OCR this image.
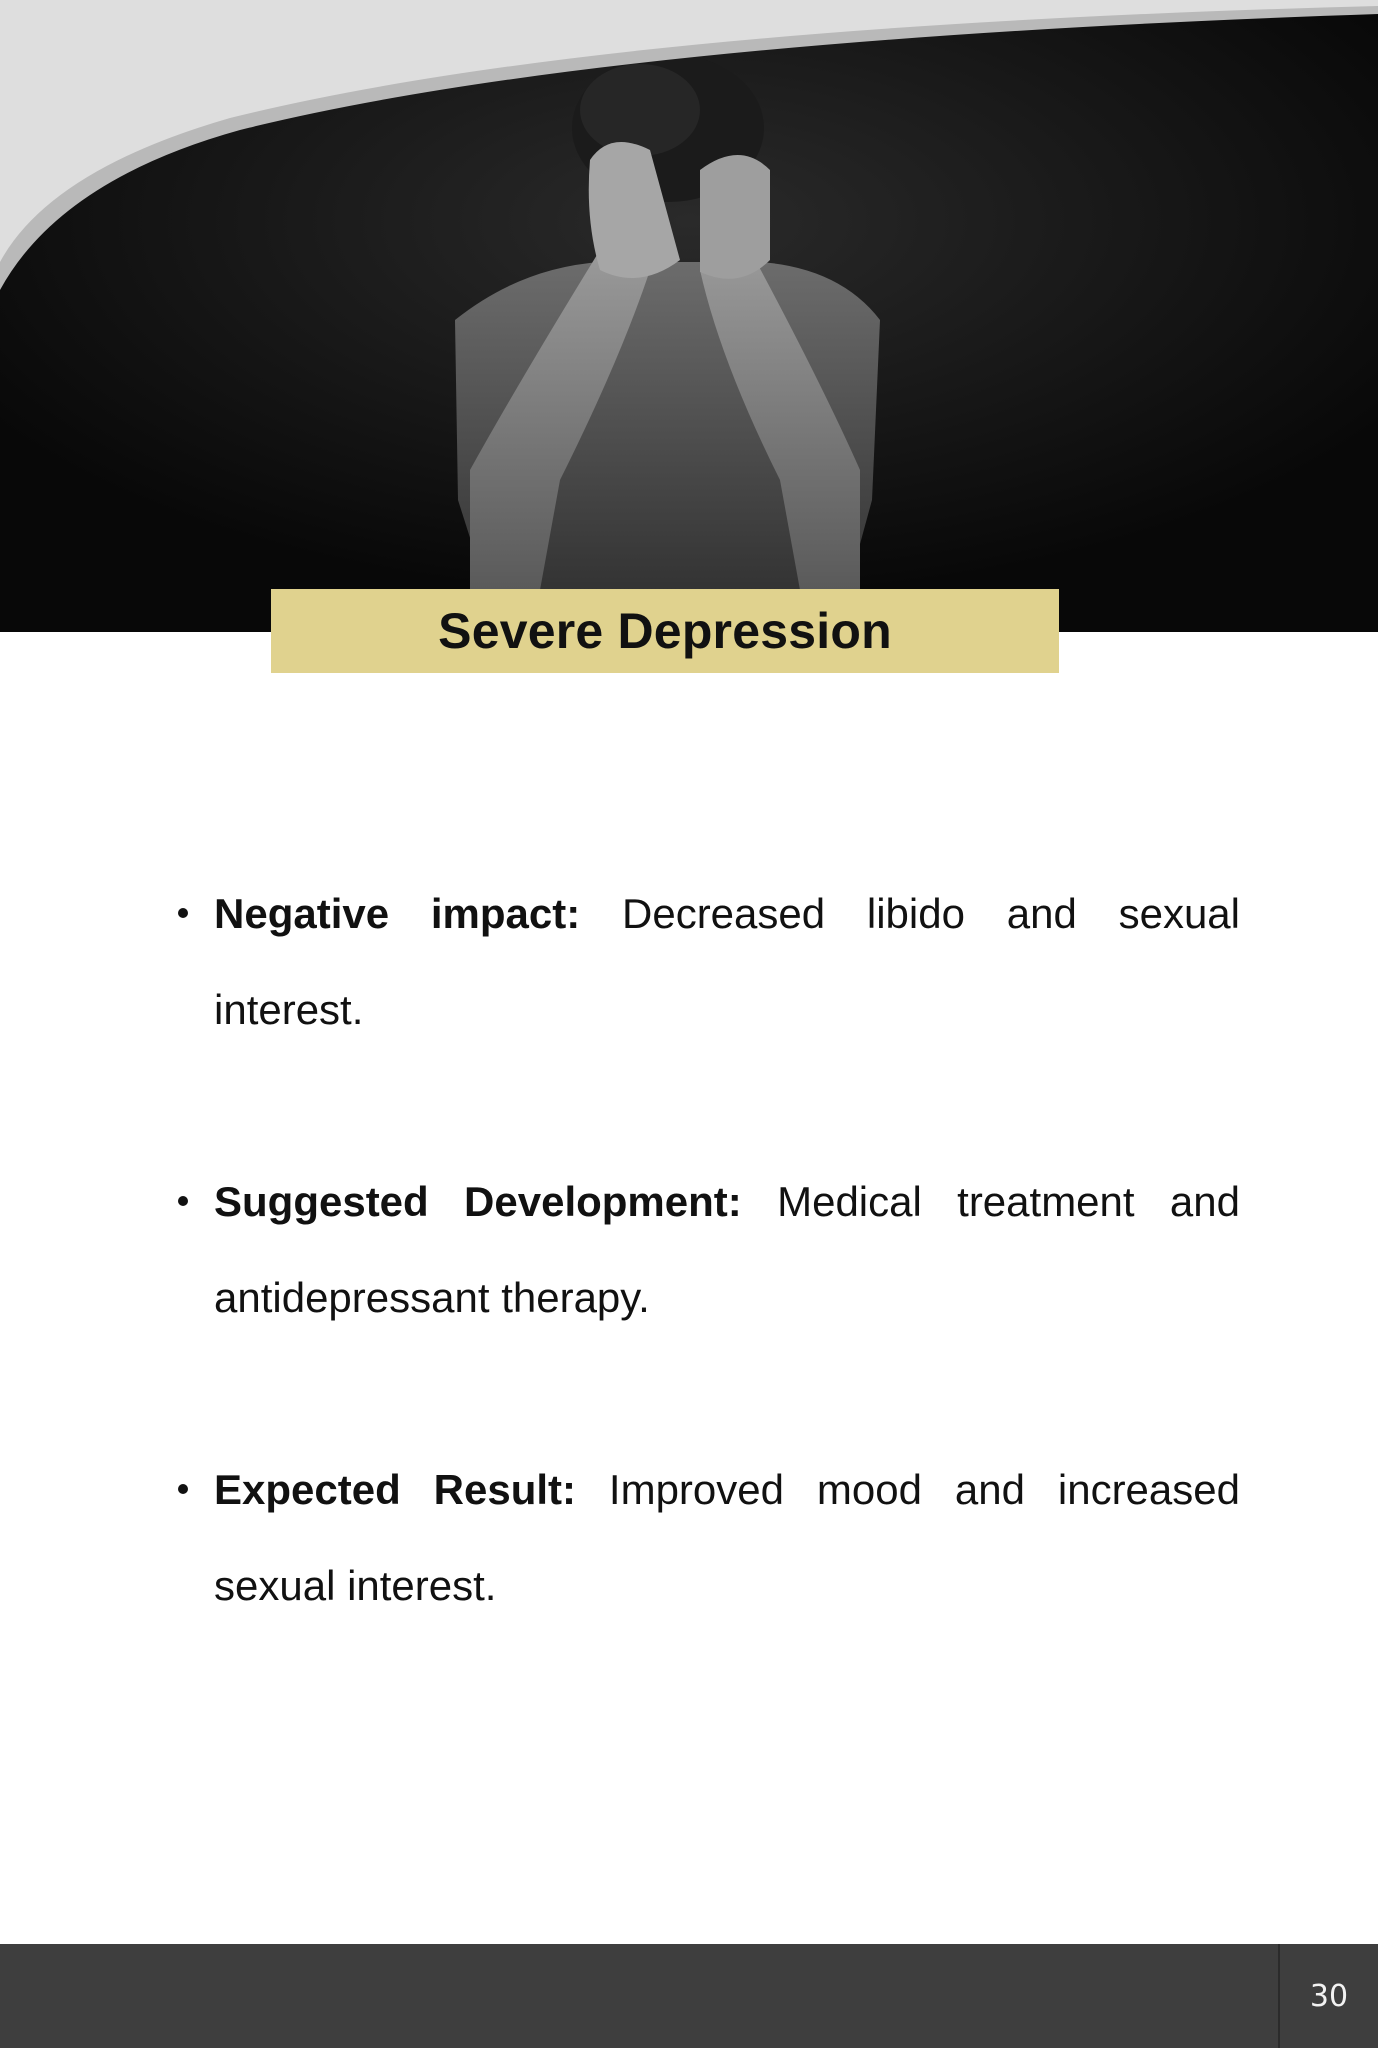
Severe Depression
Negative impact: Decreased libido and sexual interest.
Suggested Development: Medical treatment and antidepressant therapy.
Expected Result: Improved mood and increased sexual interest.
30
